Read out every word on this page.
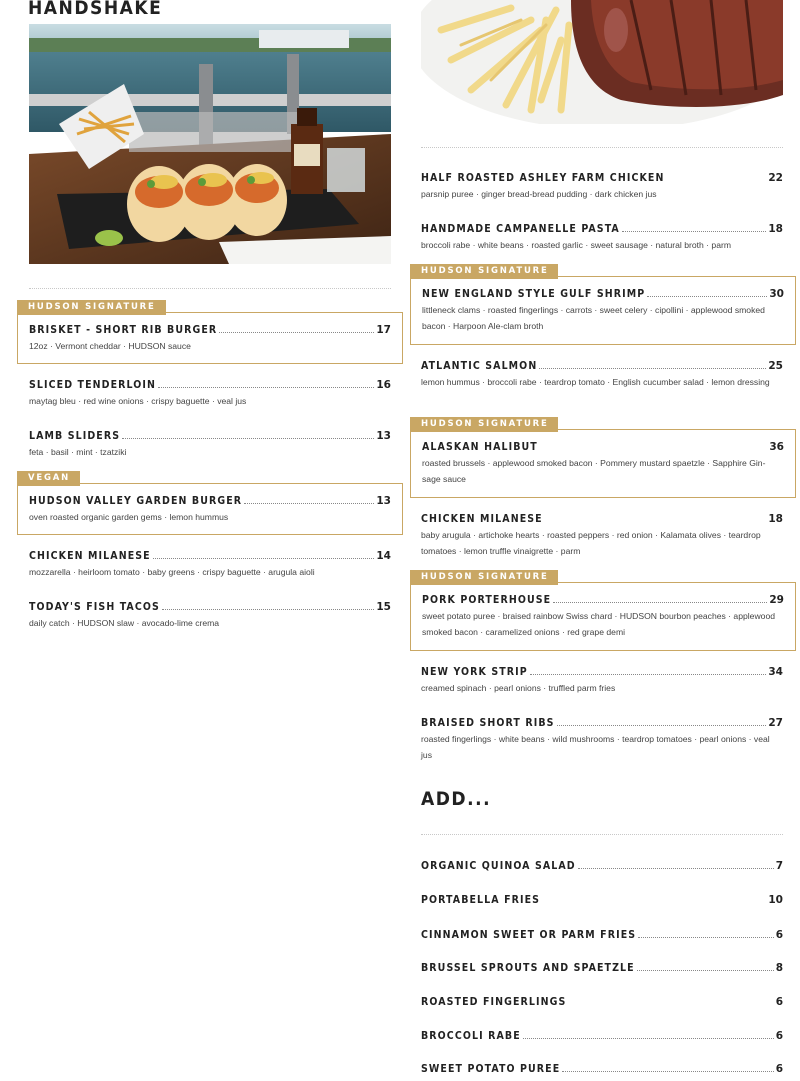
HANDSHAKE
HUDSON SIGNATURE
BRISKET - SHORT RIB BURGER	17
12oz · Vermont cheddar · HUDSON sauce
SLICED TENDERLOIN	16
maytag bleu · red wine onions · crispy baguette · veal jus
LAMB SLIDERS	13
feta · basil · mint · tzatziki
VEGAN
HUDSON VALLEY GARDEN BURGER	13
oven roasted organic garden gems · lemon hummus
CHICKEN MILANESE	14
mozzarella · heirloom tomato · baby greens · crispy baguette · arugula aioli
TODAY'S FISH TACOS	15
daily catch · HUDSON slaw · avocado-lime crema
HALF ROASTED ASHLEY FARM CHICKEN	22
parsnip puree · ginger bread-bread pudding · dark chicken jus
HANDMADE CAMPANELLE PASTA	18
broccoli rabe · white beans · roasted garlic · sweet sausage · natural broth · parm
HUDSON SIGNATURE
NEW ENGLAND STYLE GULF SHRIMP	30
littleneck clams · roasted fingerlings · carrots · sweet celery · cipollini · applewood smoked bacon · Harpoon Ale-clam broth
ATLANTIC SALMON	25
lemon hummus · broccoli rabe · teardrop tomato · English cucumber salad · lemon dressing
HUDSON SIGNATURE
ALASKAN HALIBUT	36
roasted brussels · applewood smoked bacon · Pommery mustard spaetzle · Sapphire Gin-sage sauce
CHICKEN MILANESE	18
baby arugula · artichoke hearts · roasted peppers · red onion · Kalamata olives · teardrop tomatoes · lemon truffle vinaigrette · parm
HUDSON SIGNATURE
PORK PORTERHOUSE	29
sweet potato puree · braised rainbow Swiss chard · HUDSON bourbon peaches · applewood smoked bacon · caramelized onions · red grape demi
NEW YORK STRIP	34
creamed spinach · pearl onions · truffled parm fries
BRAISED SHORT RIBS	27
roasted fingerlings · white beans · wild mushrooms · teardrop tomatoes · pearl onions · veal jus
ADD...
ORGANIC QUINOA SALAD	7
PORTABELLA FRIES	10
CINNAMON SWEET OR PARM FRIES	6
BRUSSEL SPROUTS AND SPAETZLE	8
ROASTED FINGERLINGS	6
BROCCOLI RABE	6
SWEET POTATO PUREE	6
